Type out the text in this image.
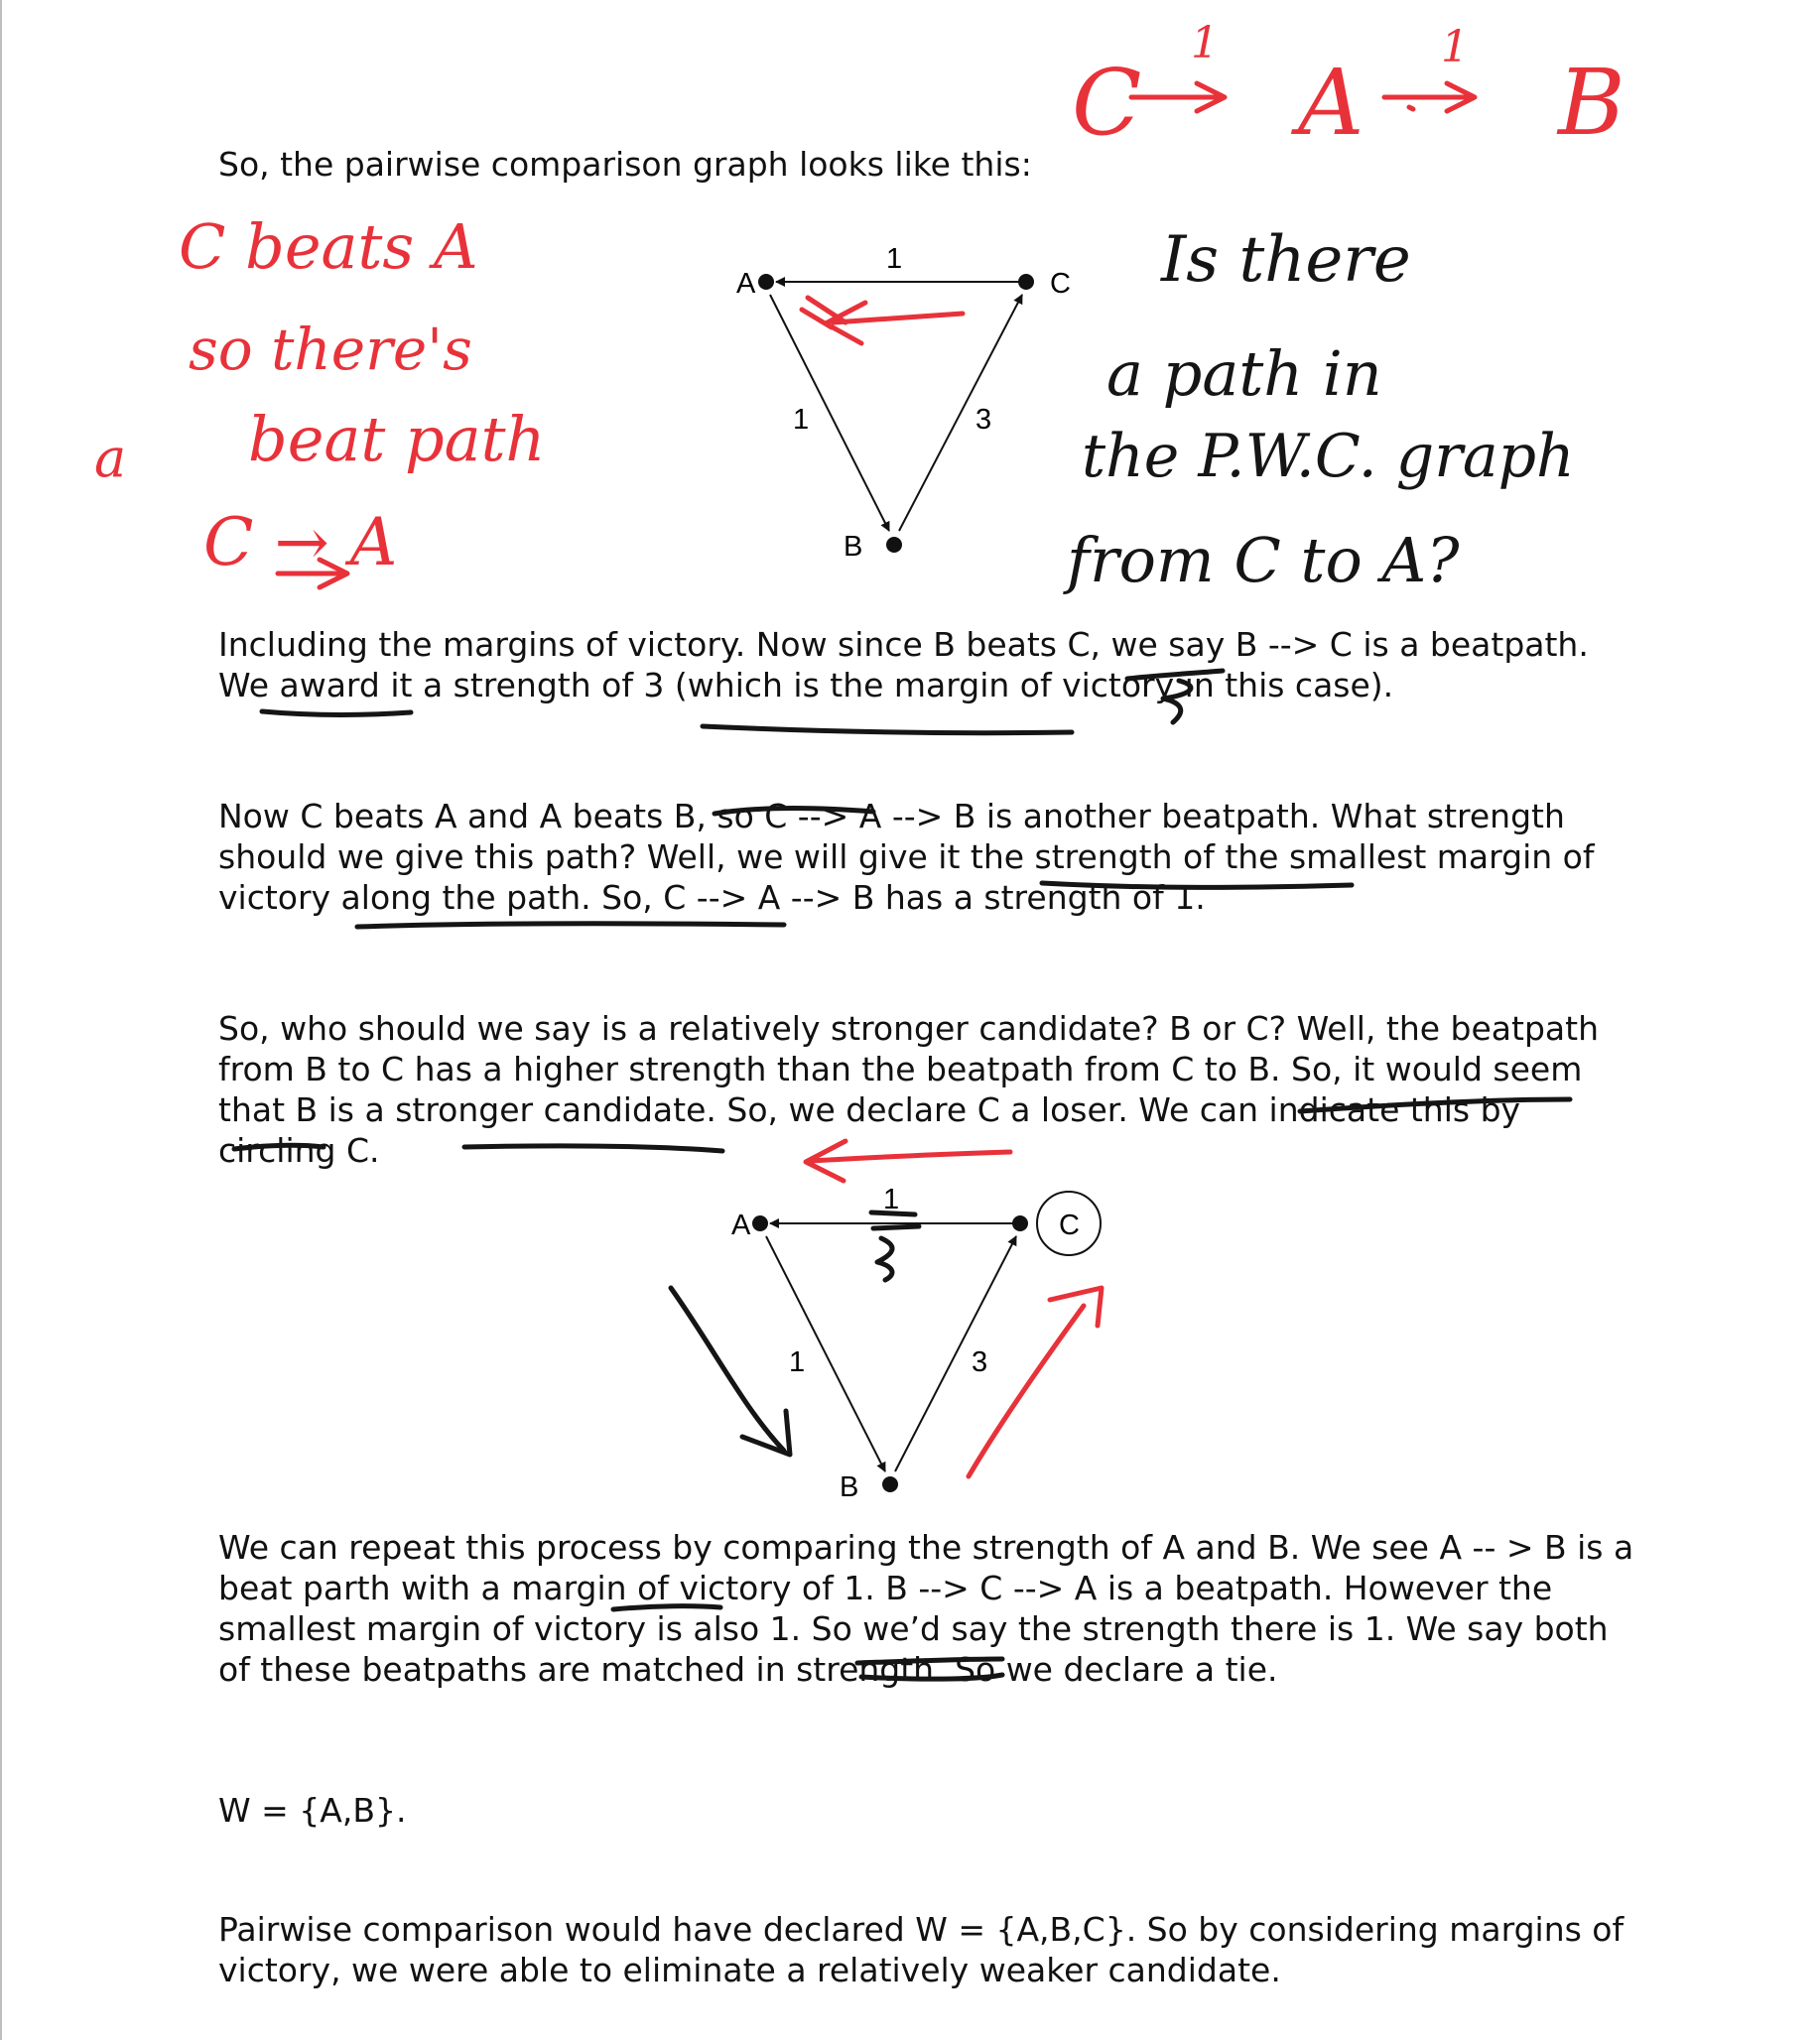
So, the pairwise comparison graph looks like this:

Including the margins of victory. Now since B beats C, we say B --> C is a beatpath. We award it a strength of 3 (which is the margin of victory in this case).

Now C beats A and A beats B, so C --> A --> B is another beatpath. What strength should we give this path? Well, we will give it the strength of the smallest margin of victory along the path. So, C --> A --> B has a strength of 1.

So, who should we say is a relatively stronger candidate? B or C? Well, the beatpath from B to C has a higher strength than the beatpath from C to B. So, it would seem that B is a stronger candidate. So, we declare C a loser. We can indicate this by circling C.

We can repeat this process by comparing the strength of A and B. We see A -- > B is a beat parth with a margin of victory of 1. B --> C --> A is a beatpath. However the smallest margin of victory is also 1. So we’d say the strength there is 1. We say both of these beatpaths are matched in strength. So we declare a tie.

W = {A,B}.

Pairwise comparison would have declared W = {A,B,C}. So by considering margins of victory, we were able to eliminate a relatively weaker candidate.

C A B
1	1
C beats A
so there's
beat path
C → A
a
Is there
a path in
the P.W.C. graph
from C to A?
A	C
B
1
1	3
A	C
B
1
1	3
